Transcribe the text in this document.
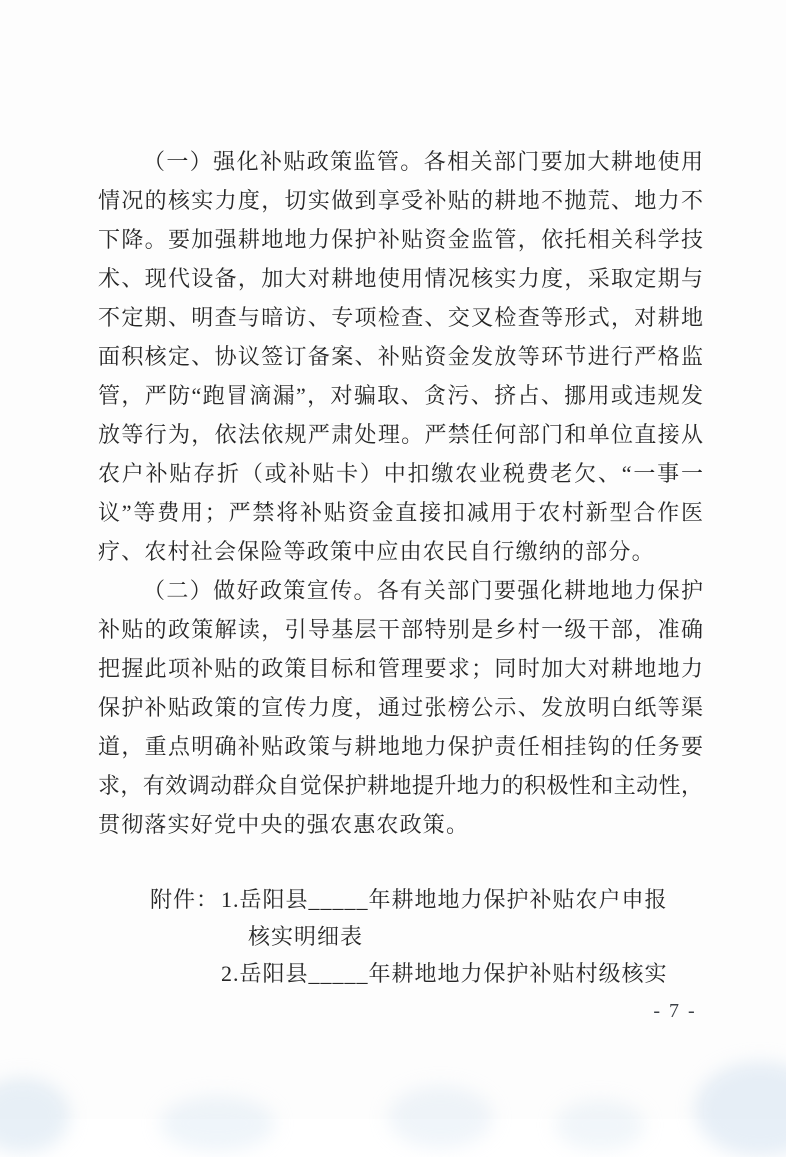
（一）强化补贴政策监管。各相关部门要加大耕地使用
情况的核实力度，切实做到享受补贴的耕地不抛荒、地力不
下降。要加强耕地地力保护补贴资金监管，依托相关科学技
术、现代设备，加大对耕地使用情况核实力度，采取定期与
不定期、明查与暗访、专项检查、交叉检查等形式，对耕地
面积核定、协议签订备案、补贴资金发放等环节进行严格监
管，严防“跑冒滴漏”，对骗取、贪污、挤占、挪用或违规发
放等行为，依法依规严肃处理。严禁任何部门和单位直接从
农户补贴存折（或补贴卡）中扣缴农业税费老欠、“一事一
议”等费用；严禁将补贴资金直接扣减用于农村新型合作医
疗、农村社会保险等政策中应由农民自行缴纳的部分。
（二）做好政策宣传。各有关部门要强化耕地地力保护
补贴的政策解读，引导基层干部特别是乡村一级干部，准确
把握此项补贴的政策目标和管理要求；同时加大对耕地地力
保护补贴政策的宣传力度，通过张榜公示、发放明白纸等渠
道，重点明确补贴政策与耕地地力保护责任相挂钩的任务要
求，有效调动群众自觉保护耕地提升地力的积极性和主动性，
贯彻落实好党中央的强农惠农政策。
附件： 1.岳阳县_____年耕地地力保护补贴农户申报
核实明细表
2.岳阳县_____年耕地地力保护补贴村级核实
- 7 -
